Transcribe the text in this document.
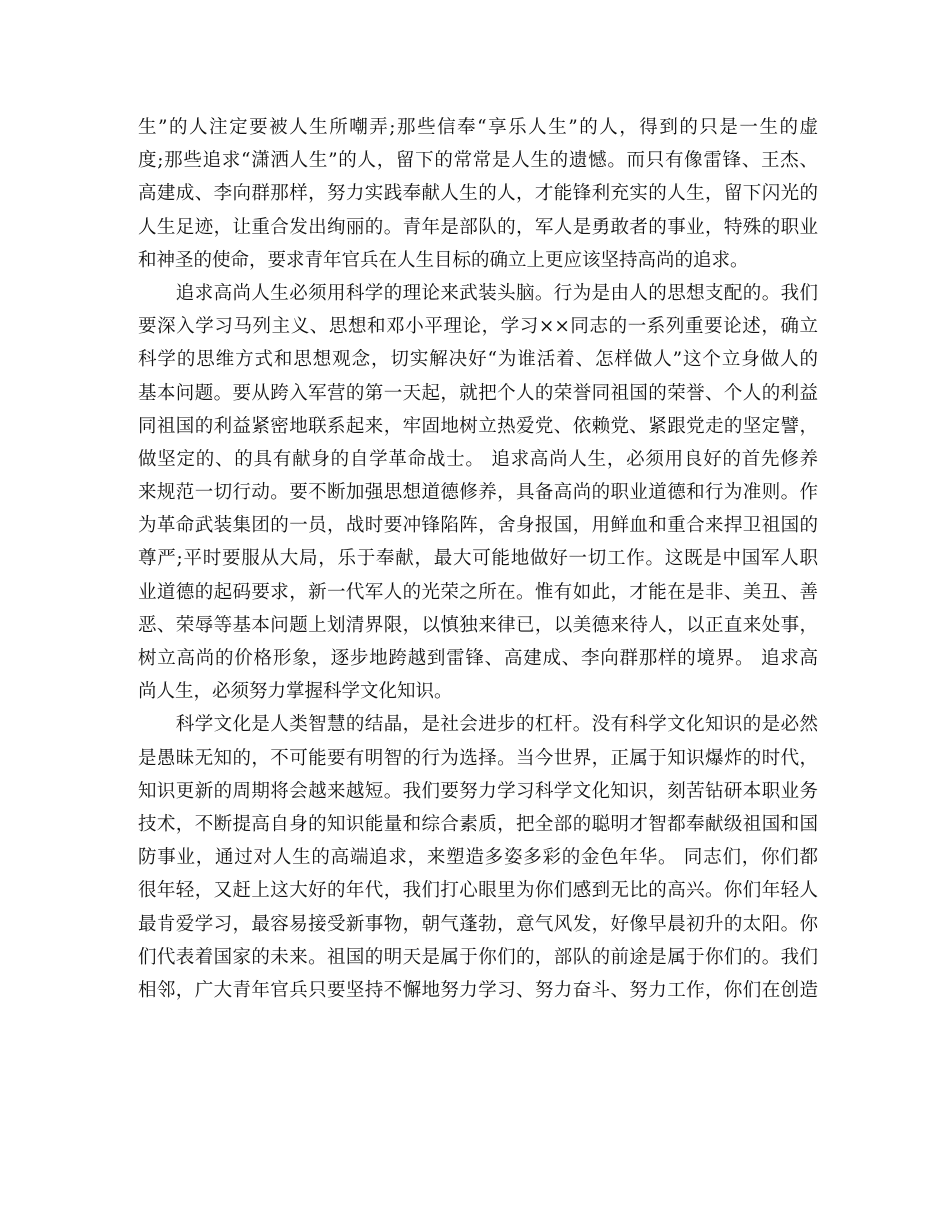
生”的人注定要被人生所嘲弄;那些信奉“享乐人生”的人，得到的只是一生的虚
度;那些追求“潇洒人生”的人，留下的常常是人生的遗憾。而只有像雷锋、王杰、
高建成、李向群那样，努力实践奉献人生的人，才能锋利充实的人生，留下闪光的
人生足迹，让重合发出绚丽的。青年是部队的，军人是勇敢者的事业，特殊的职业
和神圣的使命，要求青年官兵在人生目标的确立上更应该坚持高尚的追求。
　　追求高尚人生必须用科学的理论来武装头脑。行为是由人的思想支配的。我们
要深入学习马列主义、思想和邓小平理论，学习××同志的一系列重要论述，确立
科学的思维方式和思想观念，切实解决好“为谁活着、怎样做人”这个立身做人的
基本问题。要从跨入军营的第一天起，就把个人的荣誉同祖国的荣誉、个人的利益
同祖国的利益紧密地联系起来，牢固地树立热爱党、依赖党、紧跟党走的坚定譬，
做坚定的、的具有献身的自学革命战士。 追求高尚人生，必须用良好的首先修养
来规范一切行动。要不断加强思想道德修养，具备高尚的职业道德和行为准则。作
为革命武装集团的一员，战时要冲锋陷阵，舍身报国，用鲜血和重合来捍卫祖国的
尊严;平时要服从大局，乐于奉献，最大可能地做好一切工作。这既是中国军人职
业道德的起码要求，新一代军人的光荣之所在。惟有如此，才能在是非、美丑、善
恶、荣辱等基本问题上划清界限，以慎独来律已，以美德来待人，以正直来处事，
树立高尚的价格形象，逐步地跨越到雷锋、高建成、李向群那样的境界。 追求高
尚人生，必须努力掌握科学文化知识。
　　科学文化是人类智慧的结晶，是社会进步的杠杆。没有科学文化知识的是必然
是愚昧无知的，不可能要有明智的行为选择。当今世界，正属于知识爆炸的时代，
知识更新的周期将会越来越短。我们要努力学习科学文化知识，刻苦钻研本职业务
技术，不断提高自身的知识能量和综合素质，把全部的聪明才智都奉献级祖国和国
防事业，通过对人生的高端追求，来塑造多姿多彩的金色年华。 同志们，你们都
很年轻，又赶上这大好的年代，我们打心眼里为你们感到无比的高兴。你们年轻人
最肯爱学习，最容易接受新事物，朝气蓬勃，意气风发，好像早晨初升的太阳。你
们代表着国家的未来。祖国的明天是属于你们的，部队的前途是属于你们的。我们
相邻，广大青年官兵只要坚持不懈地努力学习、努力奋斗、努力工作，你们在创造
